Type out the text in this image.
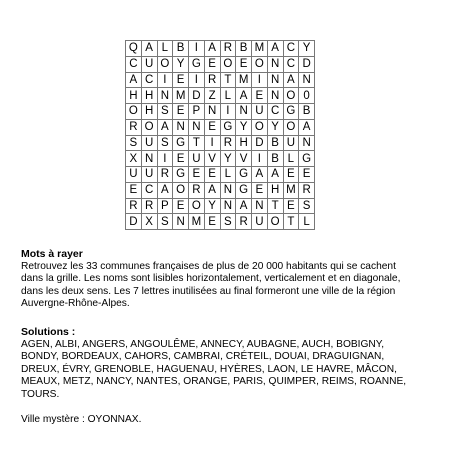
Q	A	L	B	I	A	R	B	M	A	C	Y
C	U	O	Y	G	E	O	E	O	N	C	D
A	C	I	E	I	R	T	M	I	N	A	N
H	H	N	M	D	Z	L	A	E	N	O	0
O	H	S	E	P	N	I	N	U	C	G	B
R	O	A	N	N	E	G	Y	O	Y	O	A
S	U	S	G	T	I	R	H	D	B	U	N
X	N	I	E	U	V	Y	V	I	B	L	G
U	U	R	G	E	E	L	G	A	A	E	E
E	C	A	O	R	A	N	G	E	H	M	R
R	R	P	E	O	Y	N	A	N	T	E	S
D	X	S	N	M	E	S	R	U	O	T	L
Mots à rayer

Retrouvez les 33 communes françaises de plus de 20 000 habitants qui se cachent

dans la grille. Les noms sont lisibles horizontalement, verticalement et en diagonale,

dans les deux sens. Les 7 lettres inutilisées au final formeront une ville de la région

Auvergne-Rhône-Alpes.

Solutions :

AGEN, ALBI, ANGERS, ANGOULÊME, ANNECY, AUBAGNE, AUCH, BOBIGNY,

BONDY, BORDEAUX, CAHORS, CAMBRAI, CRÉTEIL, DOUAI, DRAGUIGNAN,

DREUX, ÉVRY, GRENOBLE, HAGUENAU, HYÈRES, LAON, LE HAVRE, MÂCON,

MEAUX, METZ, NANCY, NANTES, ORANGE, PARIS, QUIMPER, REIMS, ROANNE,

TOURS.

Ville mystère : OYONNAX.
